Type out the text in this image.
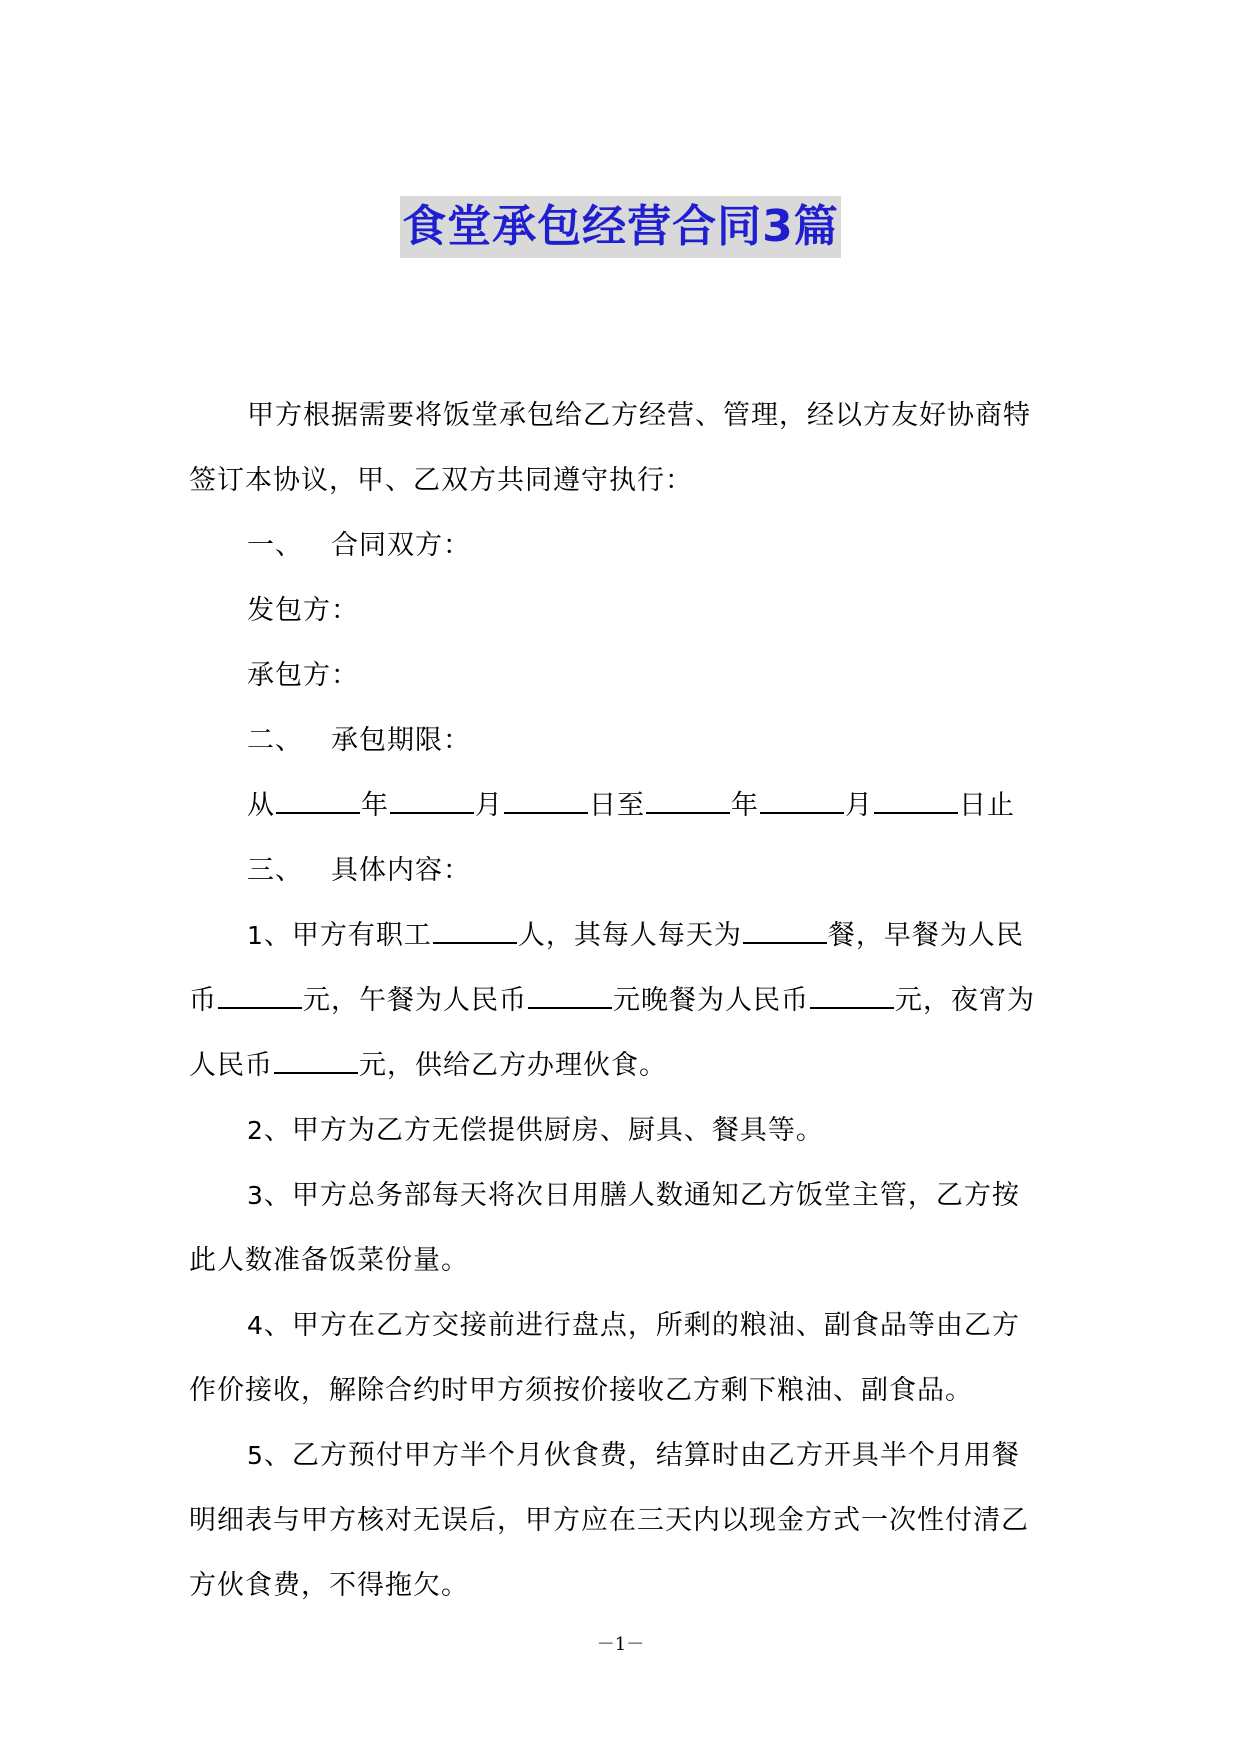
食堂承包经营合同3篇

甲方根据需要将饭堂承包给乙方经营、管理，经以方友好协商特
签订本协议，甲、乙双方共同遵守执行：

一、 合同双方：

发包方：

承包方：

二、 承包期限：

从	年	月	日至	年	月	日止

三、 具体内容：

1、甲方有职工	人，其每人每天为	餐，早餐为人民
币	元，午餐为人民币	元晚餐为人民币	元，夜宵为
人民币	元，供给乙方办理伙食。

2、甲方为乙方无偿提供厨房、厨具、餐具等。

3、甲方总务部每天将次日用膳人数通知乙方饭堂主管，乙方按
此人数准备饭菜份量。

4、甲方在乙方交接前进行盘点，所剩的粮油、副食品等由乙方
作价接收，解除合约时甲方须按价接收乙方剩下粮油、副食品。

5、乙方预付甲方半个月伙食费，结算时由乙方开具半个月用餐
明细表与甲方核对无误后，甲方应在三天内以现金方式一次性付清乙
方伙食费，不得拖欠。

－1－
